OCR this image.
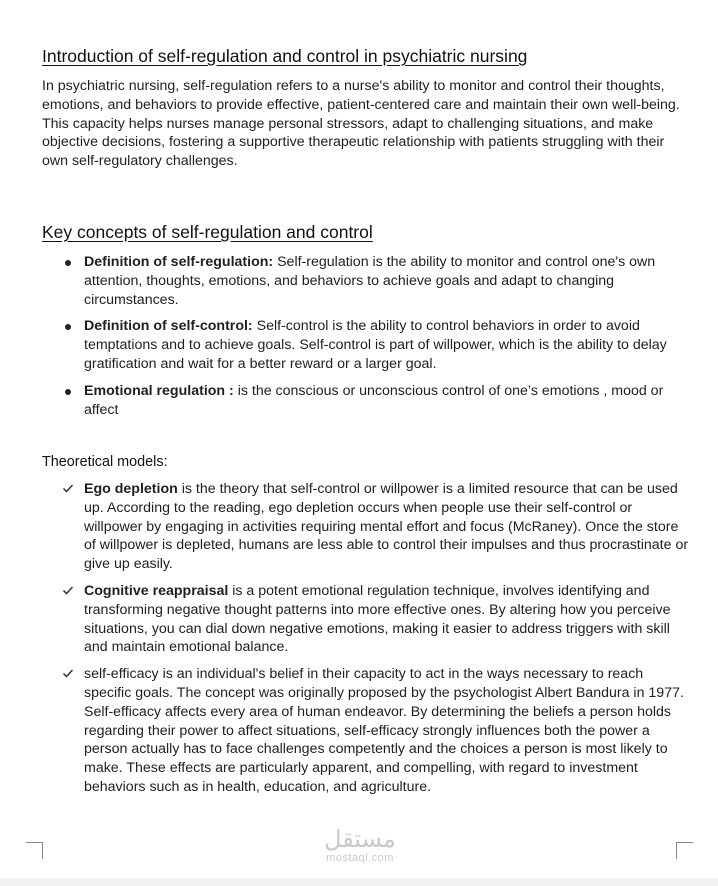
Introduction of self-regulation and control in psychiatric nursing

In psychiatric nursing, self-regulation refers to a nurse's ability to monitor and control their thoughts, emotions, and behaviors to provide effective, patient-centered care and maintain their own well-being. This capacity helps nurses manage personal stressors, adapt to challenging situations, and make objective decisions, fostering a supportive therapeutic relationship with patients struggling with their own self-regulatory challenges.

Key concepts of self-regulation and control
Definition of self-regulation: Self-regulation is the ability to monitor and control one's own attention, thoughts, emotions, and behaviors to achieve goals and adapt to changing circumstances.
Definition of self-control: Self-control is the ability to control behaviors in order to avoid temptations and to achieve goals. Self-control is part of willpower, which is the ability to delay gratification and wait for a better reward or a larger goal.
Emotional regulation : is the conscious or unconscious control of one’s emotions , mood or affect
Theoretical models:
Ego depletion is the theory that self-control or willpower is a limited resource that can be used up. According to the reading, ego depletion occurs when people use their self-control or willpower by engaging in activities requiring mental effort and focus (McRaney). Once the store of willpower is depleted, humans are less able to control their impulses and thus procrastinate or give up easily.
Cognitive reappraisal is a potent emotional regulation technique, involves identifying and transforming negative thought patterns into more effective ones. By altering how you perceive situations, you can dial down negative emotions, making it easier to address triggers with skill and maintain emotional balance.
self-efficacy is an individual's belief in their capacity to act in the ways necessary to reach specific goals. The concept was originally proposed by the psychologist Albert Bandura in 1977. Self-efficacy affects every area of human endeavor. By determining the beliefs a person holds regarding their power to affect situations, self-efficacy strongly influences both the power a person actually has to face challenges competently and the choices a person is most likely to make. These effects are particularly apparent, and compelling, with regard to investment behaviors such as in health, education, and agriculture.
مستقل
mostaql.com
